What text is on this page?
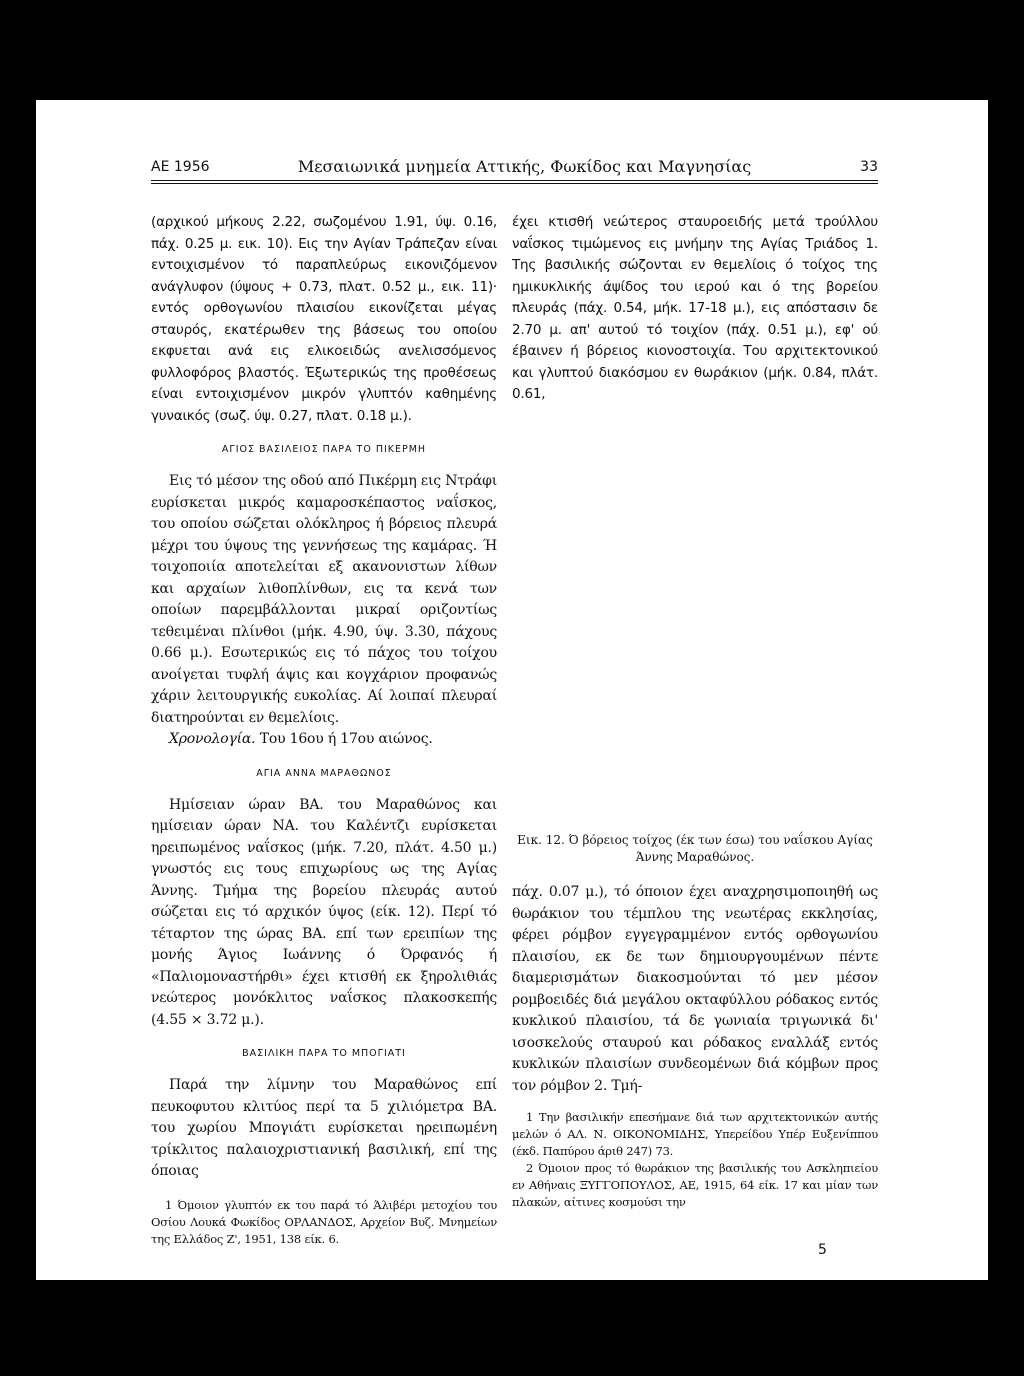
ΑΕ 1956	Μεσαιωνικά μνημεία Αττικής, Φωκίδος και Μαγνησίας	33

(αρχικού μήκους 2.22, σωζομένου 1.91, ύψ. 0.16, πάχ. 0.25 μ. εικ. 10). Εις την Αγίαν Τράπεζαν είναι εντοιχισμένον τό παραπλεύρως εικονιζόμενον ανάγλυφον (ύψους + 0.73, πλατ. 0.52 μ., εικ. 11)· εντός ορθογωνίου πλαισίου εικονίζεται μέγας σταυρός, εκατέρωθεν της βάσεως του οποίου εκφυεται ανά εις ελικοειδώς ανελισσόμενος φυλλοφόρος βλαστός. Έξωτερικώς της προθέσεως είναι εντοιχισμένον μικρόν γλυπτόν καθημένης γυναικός (σωζ. ύψ. 0.27, πλατ. 0.18 μ.).

ΑΓΙΟΣ ΒΑΣΙΛΕΙΟΣ ΠΑΡΑ ΤΟ ΠΙΚΕΡΜΗ

Εις τό μέσον της οδού από Πικέρμη εις Ντράφι ευρίσκεται μικρός καμαροσκέπαστος ναΐσκος, του οποίου σώζεται ολόκληρος ή βόρειος πλευρά μέχρι του ύψους της γεννήσεως της καμάρας. Ή τοιχοποιία αποτελείται εξ ακανονιστων λίθων και αρχαίων λιθοπλίνθων, εις τα κενά των οποίων παρεμβάλλονται μικραί οριζοντίως τεθειμέναι πλίνθοι (μήκ. 4.90, ύψ. 3.30, πάχους 0.66 μ.). Εσωτερικώς εις τό πάχος του τοίχου ανοίγεται τυφλή άψις και κογχάριον προφανώς χάριν λειτουργικής ευκολίας. Αί λοιπαί πλευραί διατηρούνται εν θεμελίοις.

Χρονολογία. Του 16ου ή 17ου αιώνος.

ΑΓΙΑ ΑΝΝΑ ΜΑΡΑΘΩΝΟΣ

Ημίσειαν ώραν ΒΑ. του Μαραθώνος και ημίσειαν ώραν ΝΑ. του Καλέντζι ευρίσκεται ηρειπωμένος ναΐσκος (μήκ. 7.20, πλάτ. 4.50 μ.) γνωστός εις τους επιχωρίους ως της Αγίας Άννης. Τμήμα της βορείου πλευράς αυτού σώζεται εις τό αρχικόν ύψος (είκ. 12). Περί τό τέταρτον της ώρας ΒΑ. επί των ερειπίων της μονής Άγιος Ιωάννης ό Όρφανός ή «Παλιομοναστήρθι» έχει κτισθή εκ ξηρολιθιάς νεώτερος μονόκλιτος ναΐσκος πλακοσκεπής (4.55 × 3.72 μ.).

ΒΑΣΙΛΙΚΗ ΠΑΡΑ ΤΟ ΜΠΟΓΙΑΤΙ

Παρά την λίμνην του Μαραθώνος επί πευκοφυτου κλιτύος περί τα 5 χιλιόμετρα ΒΑ. του χωρίου Μπογιάτι ευρίσκεται ηρειπωμένη τρίκλιτος παλαιοχριστιανική βασιλική, επί της όποιας

1 Όμοιον γλυπτόν εκ του παρά τό Άλιβέρι μετοχίου του Οσίου Λουκά Φωκίδος ΟΡΛΑΝΔΟΣ, Αρχείον Βυζ. Μνημείων της Ελλάδος Ζ', 1951, 138 είκ. 6.

έχει κτισθή νεώτερος σταυροειδής μετά τρούλλου ναΐσκος τιμώμενος εις μνήμην της Αγίας Τριάδος 1. Της βασιλικής σώζονται εν θεμελίοις ό τοίχος της ημικυκλικής άψίδος του ιερού και ό της βορείου πλευράς (πάχ. 0.54, μήκ. 17-18 μ.), εις απόστασιν δε 2.70 μ. απ' αυτού τό τοιχίον (πάχ. 0.51 μ.), εφ' ού έβαινεν ή βόρειος κιονοστοιχία. Του αρχιτεκτονικού και γλυπτού διακόσμου εν θωράκιον (μήκ. 0.84, πλάτ. 0.61,

Εικ. 12. Ό βόρειος τοίχος (έκ των έσω) του ναΐσκου Αγίας Άννης Μαραθώνος.

πάχ. 0.07 μ.), τό όποιον έχει αναχρησιμοποιηθή ως θωράκιον του τέμπλου της νεωτέρας εκκλησίας, φέρει ρόμβον εγγεγραμμένον εντός ορθογωνίου πλαισίου, εκ δε των δημιουργουμένων πέντε διαμερισμάτων διακοσμούνται τό μεν μέσον ρομβοειδές διά μεγάλου οκταφύλλου ρόδακος εντός κυκλικού πλαισίου, τά δε γωνιαία τριγωνικά δι' ισοσκελούς σταυρού και ρόδακος εναλλάξ εντός κυκλικών πλαισίων συνδεομένων διά κόμβων προς τον ρόμβον 2. Τμή-

1 Την βασιλικήν επεσήμανε διά των αρχιτεκτονικών αυτής μελών ό ΑΛ. Ν. ΟΙΚΟΝΟΜΙΔΗΣ, Υπερείδου Υπέρ Ευξενίππου (έκδ. Παπύρου άριθ 247) 73.

2 Όμοιον προς τό θωράκιον της βασιλικής του Ασκληπιείου εν Αθήναις ΞΥΓΓΟΠΟΥΛΟΣ, ΑΕ, 1915, 64 είκ. 17 και μίαν των πλακών, αίτινες κοσμούσι την

5
